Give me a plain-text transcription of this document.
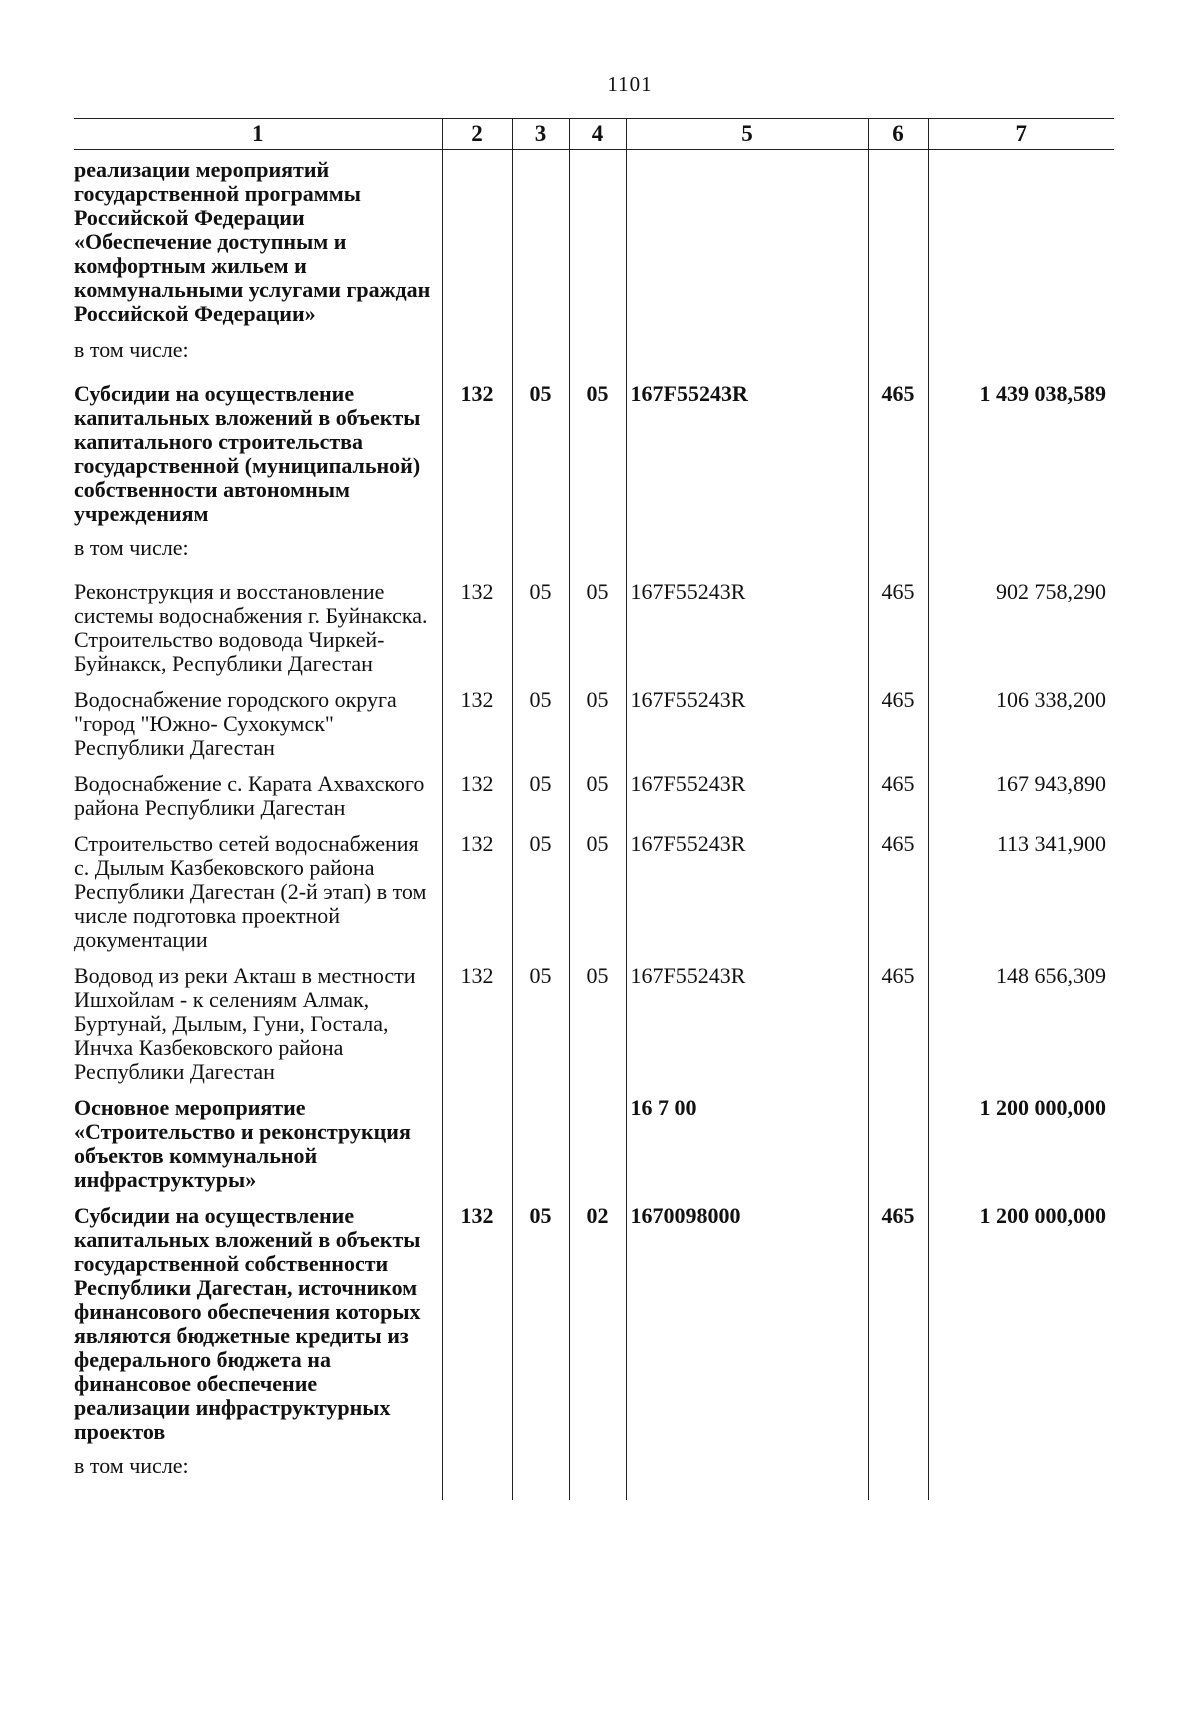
1101
1	2	3	4	5	6	7
реализации мероприятий государственной программы Российской Федерации «Обеспечение доступным и комфортным жильем и коммунальными услугами граждан Российской Федерации»						
в том числе:						
Субсидии на осуществление капитальных вложений в объекты капитального строительства государственной (муниципальной) собственности автономным учреждениям	132	05	05	167F55243R	465	1 439 038,589
в том числе:						
Реконструкция и восстановление системы водоснабжения г. Буйнакска. Строительство водовода Чиркей-Буйнакск, Республики Дагестан	132	05	05	167F55243R	465	902 758,290
Водоснабжение городского округа "город "Южно- Сухокумск" Республики Дагестан	132	05	05	167F55243R	465	106 338,200
Водоснабжение с. Карата Ахвахского района Республики Дагестан	132	05	05	167F55243R	465	167 943,890
Строительство сетей водоснабжения с. Дылым Казбековского района Республики Дагестан (2-й этап) в том числе подготовка проектной документации	132	05	05	167F55243R	465	113 341,900
Водовод из реки Акташ в местности Ишхойлам - к селениям Алмак, Буртунай, Дылым, Гуни, Гостала, Инчха Казбековского района Республики Дагестан	132	05	05	167F55243R	465	148 656,309
Основное мероприятие «Строительство и реконструкция объектов коммунальной инфраструктуры»				16 7 00		1 200 000,000
Субсидии на осуществление капитальных вложений в объекты государственной собственности Республики Дагестан, источником финансового обеспечения которых являются бюджетные кредиты из федерального бюджета на финансовое обеспечение реализации инфраструктурных проектов	132	05	02	1670098000	465	1 200 000,000
в том числе:						
